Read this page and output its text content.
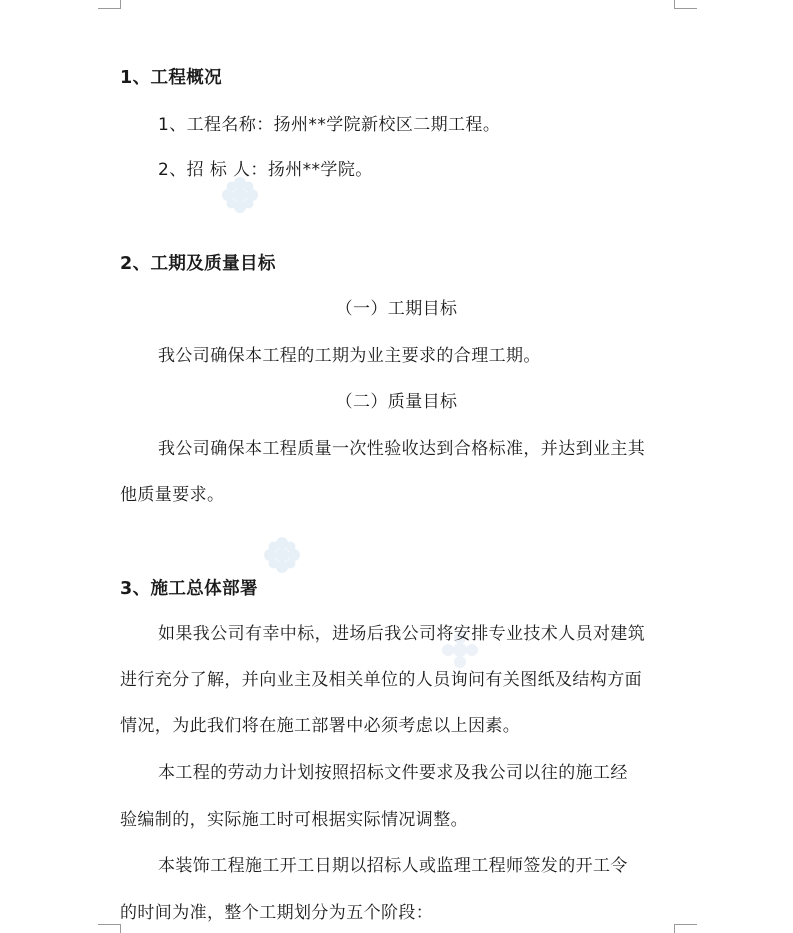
1、工程概况
1、工程名称：扬州**学院新校区二期工程。
2、招 标 人：扬州**学院。
2、工期及质量目标
（一）工期目标
我公司确保本工程的工期为业主要求的合理工期。
（二）质量目标
我公司确保本工程质量一次性验收达到合格标准，并达到业主其
他质量要求。
3、施工总体部署
如果我公司有幸中标，进场后我公司将安排专业技术人员对建筑
进行充分了解，并向业主及相关单位的人员询问有关图纸及结构方面
情况，为此我们将在施工部署中必须考虑以上因素。
本工程的劳动力计划按照招标文件要求及我公司以往的施工经
验编制的，实际施工时可根据实际情况调整。
本装饰工程施工开工日期以招标人或监理工程师签发的开工令
的时间为准，整个工期划分为五个阶段：
